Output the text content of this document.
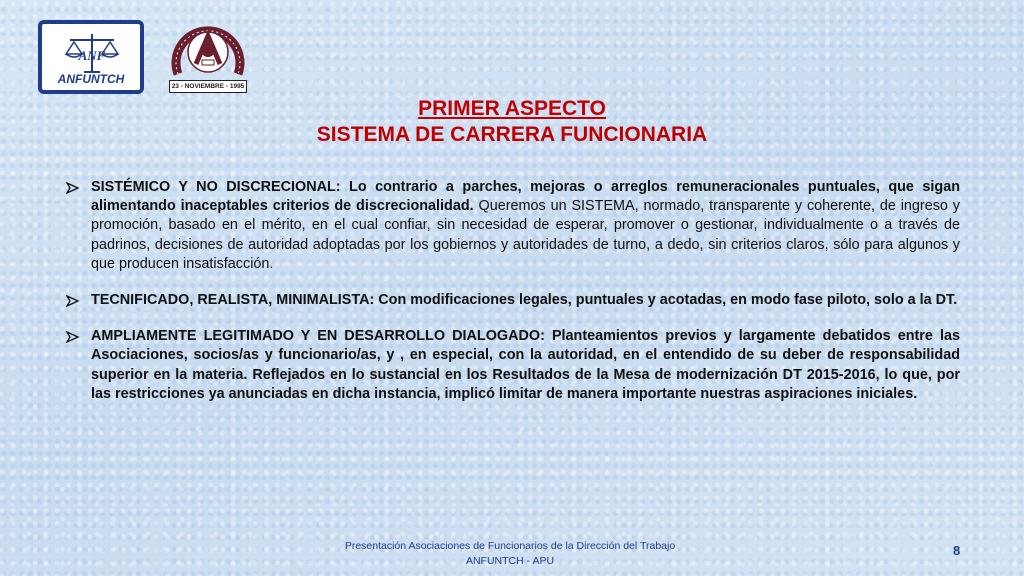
ANF
ANFUNTCH
23 - NOVIEMBRE - 1995
PRIMER ASPECTO
SISTEMA DE CARRERA FUNCIONARIA
SISTÉMICO Y NO DISCRECIONAL: Lo contrario a parches, mejoras o arreglos remuneracionales puntuales, que sigan alimentando inaceptables criterios de discrecionalidad. Queremos un SISTEMA, normado, transparente y coherente, de ingreso y promoción, basado en el mérito, en el cual confiar, sin necesidad de esperar, promover o gestionar, individualmente o a través de padrinos, decisiones de autoridad adoptadas por los gobiernos y autoridades de turno, a dedo, sin criterios claros, sólo para algunos y que producen insatisfacción.
TECNIFICADO, REALISTA, MINIMALISTA: Con modificaciones legales, puntuales y acotadas, en modo fase piloto, solo a la DT.
AMPLIAMENTE LEGITIMADO Y EN DESARROLLO DIALOGADO: Planteamientos previos y largamente debatidos entre las Asociaciones, socios/as y funcionario/as, y , en especial, con la autoridad, en el entendido de su deber de responsabilidad superior en la materia. Reflejados en lo sustancial en los Resultados de la Mesa de modernización DT 2015-2016, lo que, por las restricciones ya anunciadas en dicha instancia, implicó limitar de manera importante nuestras aspiraciones iniciales.
Presentación Asociaciones de Funcionarios de la Dirección del Trabajo
ANFUNTCH - APU
8
